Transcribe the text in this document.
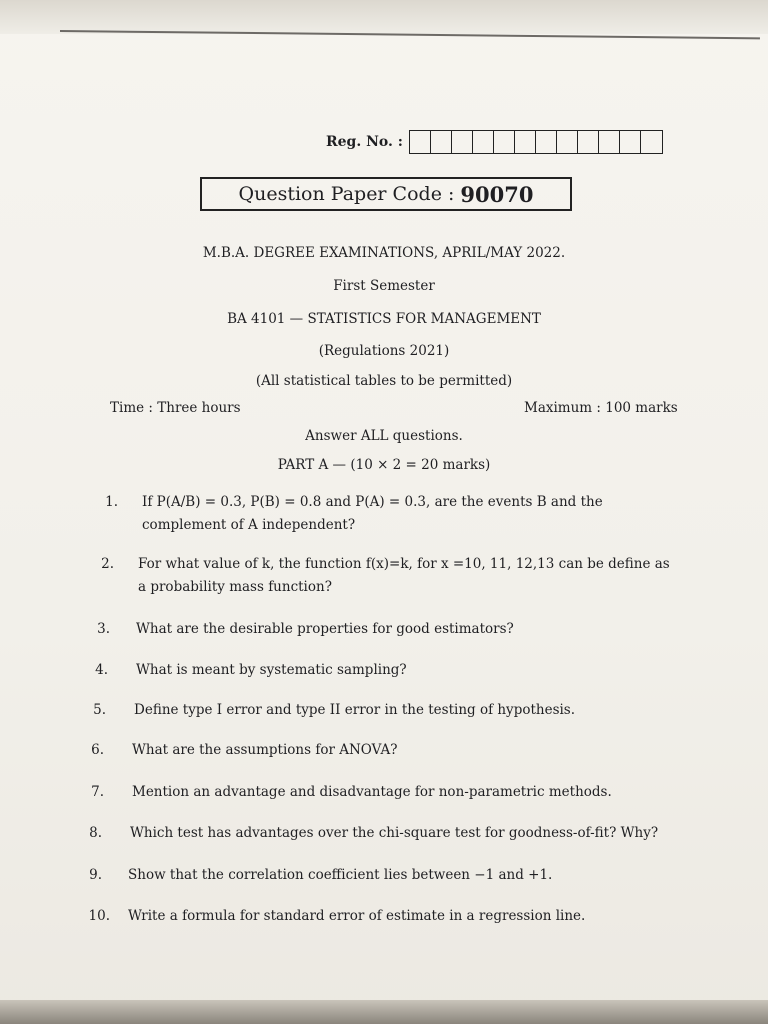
Reg. No. :
Question Paper Code : 90070
M.B.A. DEGREE EXAMINATIONS, APRIL/MAY 2022.
First Semester
BA 4101 — STATISTICS FOR MANAGEMENT
(Regulations 2021)
(All statistical tables to be permitted)
Time : Three hours	Maximum : 100 marks
Answer ALL questions.
PART A — (10 × 2 = 20 marks)
1. If P(A/B) = 0.3, P(B) = 0.8 and P(A) = 0.3, are the events B and the
complement of A independent?
2. For what value of k, the function f(x)=k, for x =10, 11, 12,13 can be define as
a probability mass function?
3. What are the desirable properties for good estimators?
4. What is meant by systematic sampling?
5. Define type I error and type II error in the testing of hypothesis.
6. What are the assumptions for ANOVA?
7. Mention an advantage and disadvantage for non-parametric methods.
8. Which test has advantages over the chi-square test for goodness-of-fit? Why?
9. Show that the correlation coefficient lies between −1 and +1.
10. Write a formula for standard error of estimate in a regression line.
